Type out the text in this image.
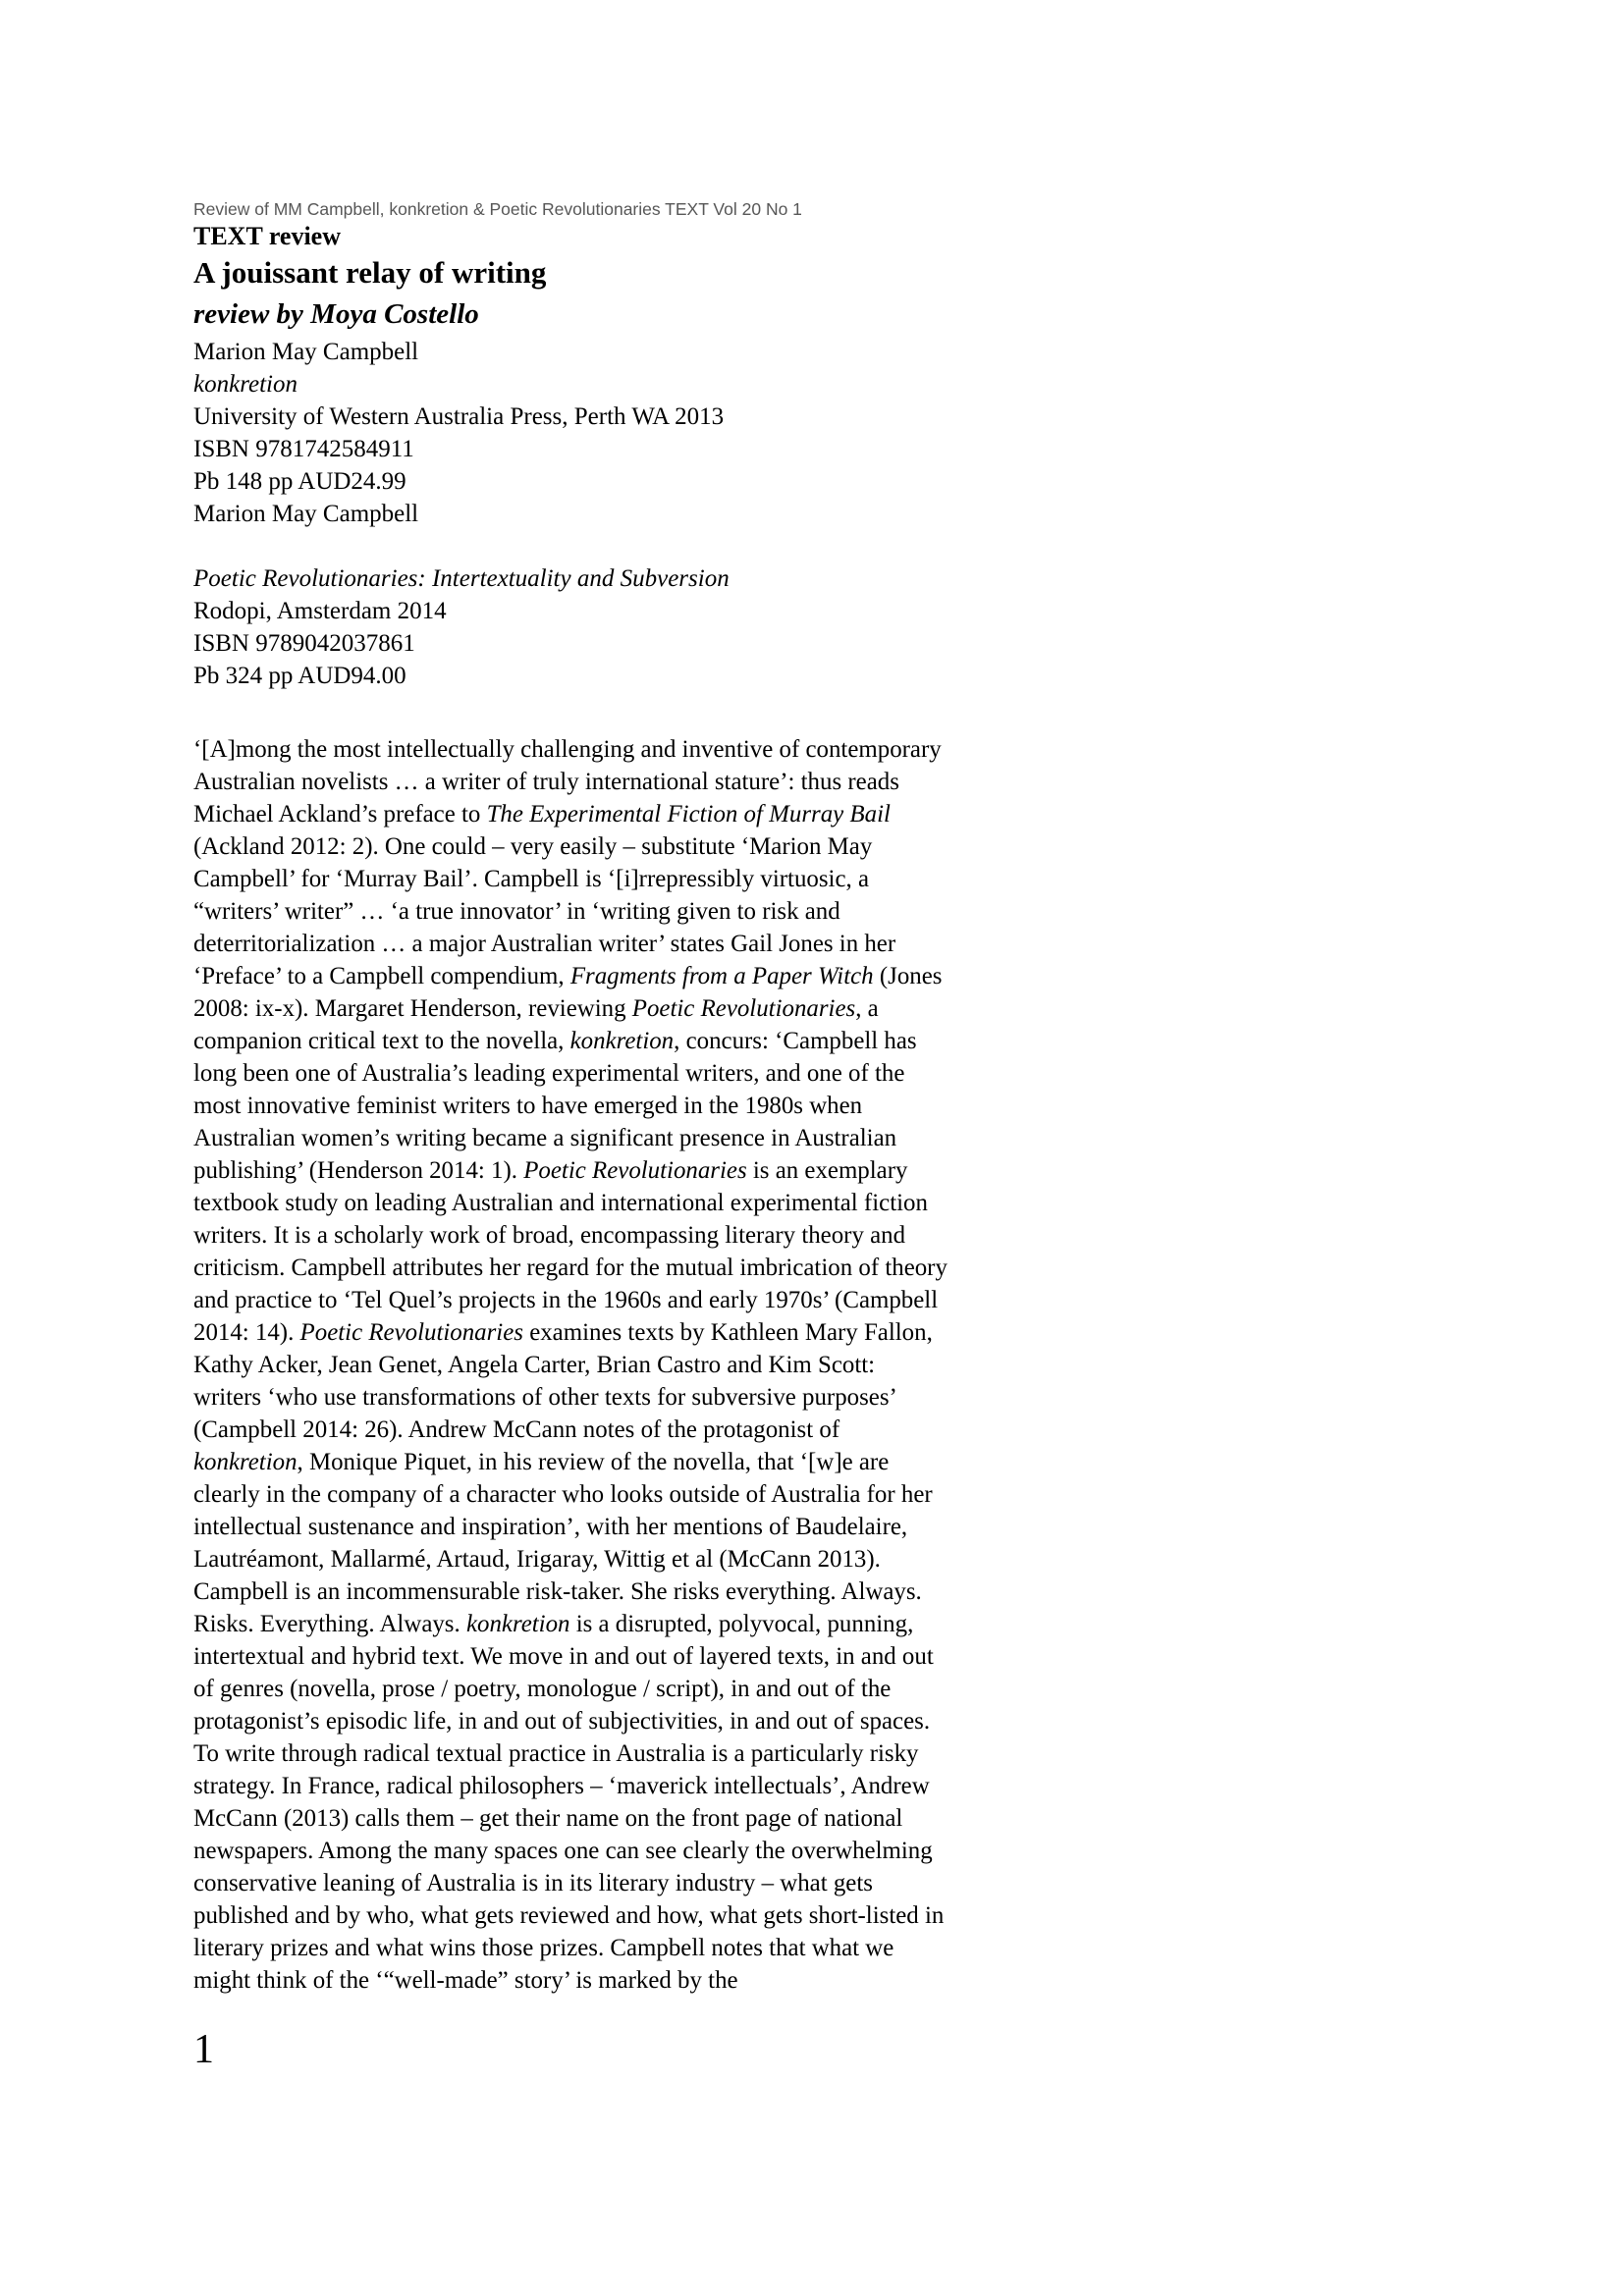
Review of MM Campbell, konkretion & Poetic Revolutionaries TEXT Vol 20 No 1
TEXT review
A jouissant relay of writing
review by Moya Costello
Marion May Campbell
konkretion
University of Western Australia Press, Perth WA 2013
ISBN 9781742584911
Pb 148 pp AUD24.99
Marion May Campbell
Poetic Revolutionaries: Intertextuality and Subversion
Rodopi, Amsterdam 2014
ISBN 9789042037861
Pb 324 pp AUD94.00

‘[A]mong the most intellectually challenging and inventive of contemporary Australian novelists … a writer of truly international stature’: thus reads Michael Ackland’s preface to The Experimental Fiction of Murray Bail (Ackland 2012: 2). One could – very easily – substitute ‘Marion May Campbell’ for ‘Murray Bail’. Campbell is ‘[i]rrepressibly virtuosic, a “writers’ writer” … ‘a true innovator’ in ‘writing given to risk and deterritorialization … a major Australian writer’ states Gail Jones in her ‘Preface’ to a Campbell compendium, Fragments from a Paper Witch (Jones 2008: ix-x). Margaret Henderson, reviewing Poetic Revolutionaries, a companion critical text to the novella, konkretion, concurs: ‘Campbell has long been one of Australia’s leading experimental writers, and one of the most innovative feminist writers to have emerged in the 1980s when Australian women’s writing became a significant presence in Australian publishing’ (Henderson 2014: 1). Poetic Revolutionaries is an exemplary textbook study on leading Australian and international experimental fiction writers. It is a scholarly work of broad, encompassing literary theory and criticism. Campbell attributes her regard for the mutual imbrication of theory and practice to ‘Tel Quel’s projects in the 1960s and early 1970s’ (Campbell 2014: 14). Poetic Revolutionaries examines texts by Kathleen Mary Fallon, Kathy Acker, Jean Genet, Angela Carter, Brian Castro and Kim Scott: writers ‘who use transformations of other texts for subversive purposes’ (Campbell 2014: 26). Andrew McCann notes of the protagonist of konkretion, Monique Piquet, in his review of the novella, that ‘[w]e are clearly in the company of a character who looks outside of Australia for her intellectual sustenance and inspiration’, with her mentions of Baudelaire, Lautréamont, Mallarmé, Artaud, Irigaray, Wittig et al (McCann 2013).

Campbell is an incommensurable risk-taker. She risks everything. Always. Risks. Everything. Always. konkretion is a disrupted, polyvocal, punning, intertextual and hybrid text. We move in and out of layered texts, in and out of genres (novella, prose / poetry, monologue / script), in and out of the protagonist’s episodic life, in and out of subjectivities, in and out of spaces.

To write through radical textual practice in Australia is a particularly risky strategy. In France, radical philosophers – ‘maverick intellectuals’, Andrew McCann (2013) calls them – get their name on the front page of national newspapers. Among the many spaces one can see clearly the overwhelming conservative leaning of Australia is in its literary industry – what gets published and by who, what gets reviewed and how, what gets short-listed in literary prizes and what wins those prizes. Campbell notes that what we might think of the ‘“well-made” story’ is marked by the

1
